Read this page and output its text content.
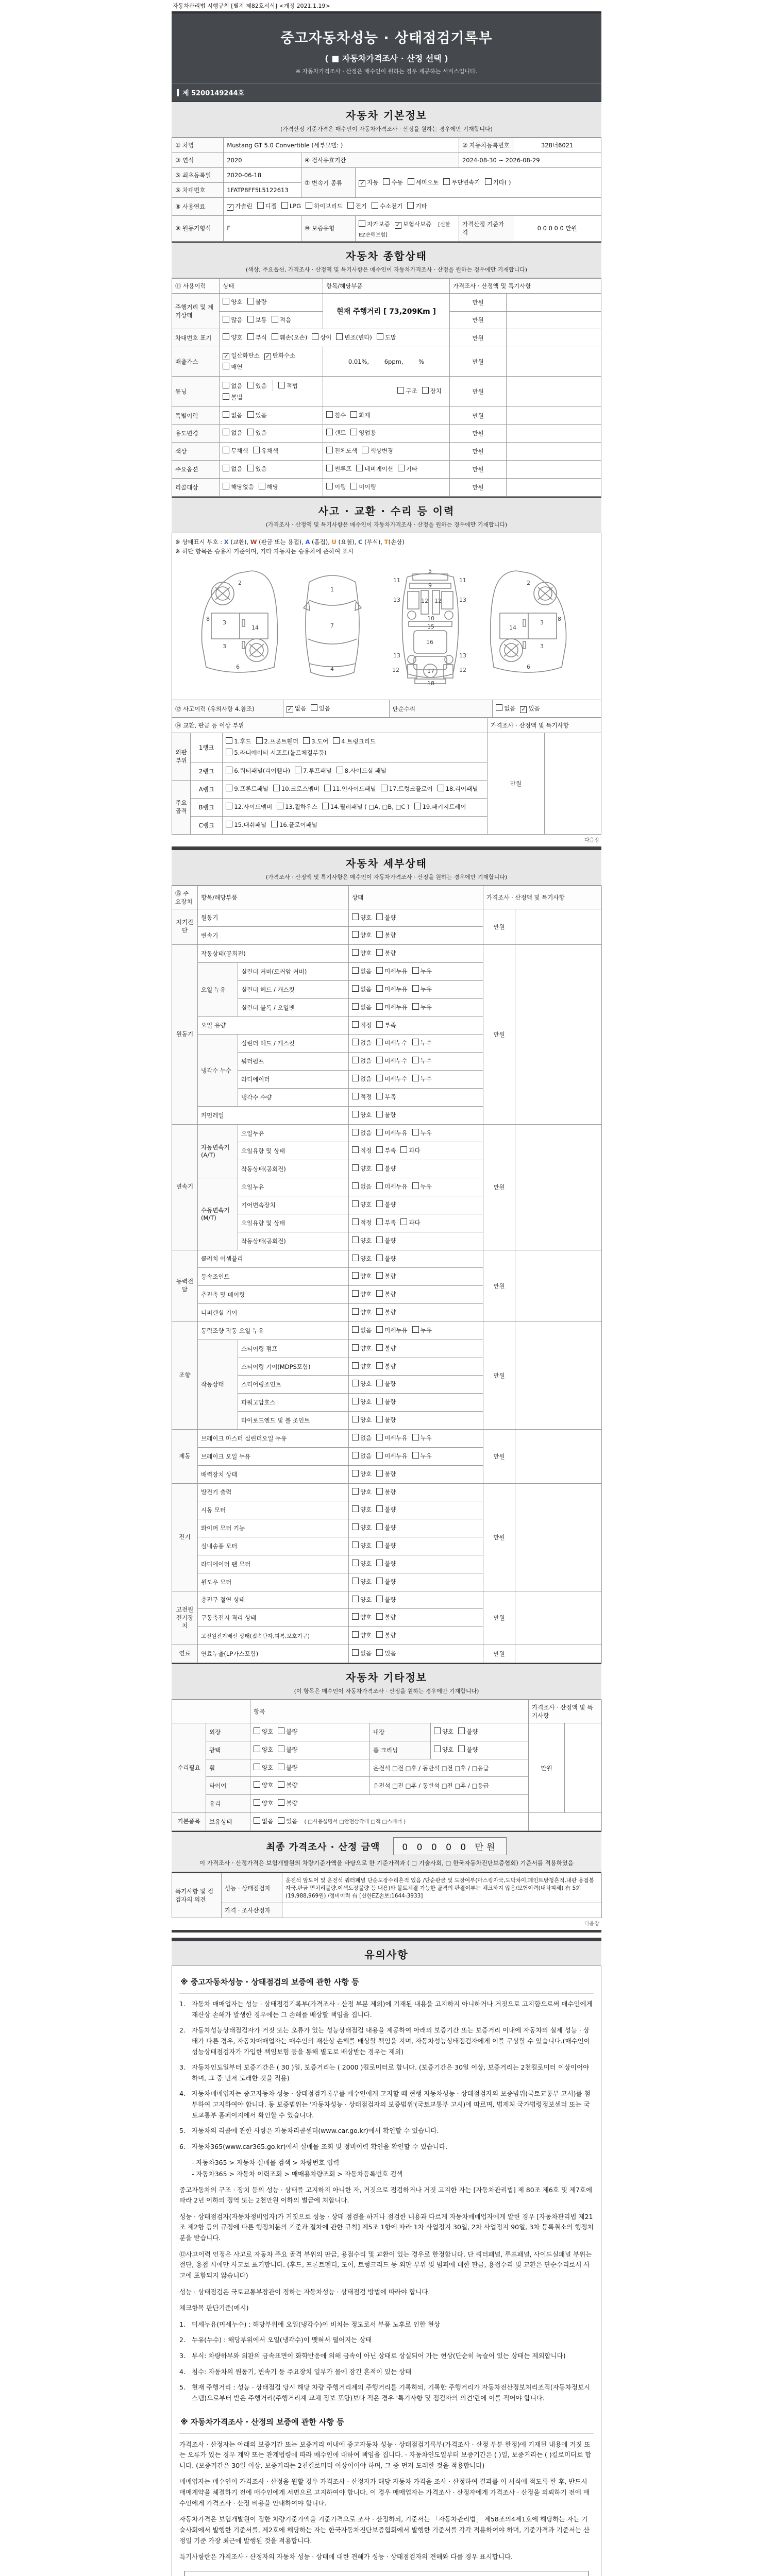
자동차관리법 시행규칙 [별지 제82호서식] <개정 2021.1.19>
중고자동차성능 · 상태점검기록부
( ■ 자동차가격조사 · 산정 선택 )
※ 자동차가격조사 · 산정은 매수인이 원하는 경우 제공하는 서비스입니다.
제 5200149244호
자동차 기본정보
(가격산정 기준가격은 매수인이 자동차가격조사 · 산정을 원하는 경우에만 기재합니다)
① 차명	Mustang GT 5.0 Convertible (세부모델: )			② 자동차등록번호	328너6021
③ 연식	2020	④ 검사유효기간		2024-08-30 ~ 2026-08-29	
⑤ 최초등록일	2020-06-18	⑦ 변속기 종류	✓ 자동 수동 세미오토 무단변속기 기타( )		
⑥ 차대번호	1FATP8FF5L5122613				
⑧ 사용연료	✓ 가솔린 디젤 LPG 하이브리드 전기 수소전기 기타				
⑨ 원동기형식	F	⑩ 보증유형	자가보증 ✓ 보험사보증 [신한EZ손해보험]	가격산정 기준가격	0 0 0 0 0 만원
자동차 종합상태
(색상, 주요옵션, 가격조사 · 산정액 및 특기사항은 매수인이 자동차가격조사 · 산정을 원하는 경우에만 기재합니다)
⑪ 사용이력	상태	항목/해당부품	가격조사 · 산정액 및 특기사항	
주행거리 및 계기상태	양호 불량	현재 주행거리 [ 73,209Km ]	만원	
	많음 보통 적음		만원	
차대번호 표기	양호 부식 훼손(오손) 상이 변조(변타) 도말		만원	
배출가스	✓ 일산화탄소 ✓ 탄화수소매연	0.01%, 6ppm, %	만원	
튜닝	없음 있음 적법불법	구조 장치	만원	
특별이력	없음 있음	침수 화재	만원	
용도변경	없음 있음	렌트 영업용	만원	
색상	무채색 유채색	전체도색 색상변경	만원	
주요옵션	없음 있음	썬루프 네비게이션 기타	만원	
리콜대상	해당없음 해당	이행 미이행	만원	
사고 · 교환 · 수리 등 이력
(가격조사 · 산정액 및 특기사항은 매수인이 자동차가격조사 · 산정을 원하는 경우에만 기재합니다)
※ 상태표시 부호 : X (교환), W (판금 또는 용접), A (흠집), U (요철), C (부식), T(손상)
※ 하단 항목은 승용차 기준이며, 기타 자동차는 승용차에 준하여 표시
2
8
3
14
3
6
1
7
4
5
9
11	11
13	13
12 12
10
15
16
13	13
12	12
17
18
2
8
3
14
3
6
⑫ 사고이력 (유의사항 4.참조)	✓ 없음 있음	단순수리	없음 ✓ 있음
⑭ 교환, 판금 등 이상 부위			가격조사 · 산정액 및 특기사항	
외판부위	1랭크	1.후드 2.프론트휀더 3.도어 4.트렁크리드5.라디에이터 서포트(볼트체결부품)	만원	
	2랭크	6.쿼터패널(리어휀다) 7.루프패널 8.사이드실 패널		
주요골격	A랭크	9.프론트패널 10.크로스멤버 11.인사이드패널 17.트렁크플로어 18.리어패널		
	B랭크	12.사이드멤버 13.휠하우스 14.필러패널 ( □A, □B, □C ) 19.패키지트레이		
	C랭크	15.대쉬패널 16.플로어패널		
다음장
자동차 세부상태
(가격조사 · 산정액 및 특기사항은 매수인이 자동차가격조사 · 산정을 원하는 경우에만 기재합니다)
⑮ 주요장치	항목/해당부품		상태	가격조사 · 산정액 및 특기사항	
자기진단	원동기		양호 불량	만원	
	변속기		양호 불량		
원동기	작동상태(공회전)		양호 불량	만원	
	오일 누유	실린더 커버(로커암 커버)	없음 미세누유 누유		
		실린더 헤드 / 개스킷	없음 미세누유 누유		
		실린더 블록 / 오일팬	없음 미세누유 누유		
	오일 유량		적정 부족		
	냉각수 누수	실린더 헤드 / 개스킷	없음 미세누수 누수		
		워터펌프	없음 미세누수 누수		
		라디에이터	없음 미세누수 누수		
		냉각수 수량	적정 부족		
	커먼레일		양호 불량		
변속기	자동변속기 (A/T)	오일누유	없음 미세누유 누유	만원	
		오일유량 및 상태	적정 부족 과다		
		작동상태(공회전)	양호 불량		
	수동변속기 (M/T)	오일누유	없음 미세누유 누유		
		기어변속장치	양호 불량		
		오일유량 및 상태	적정 부족 과다		
		작동상태(공회전)	양호 불량		
동력전달	클러치 어셈블리		양호 불량	만원	
	등속조인트		양호 불량		
	추진축 및 베어링		양호 불량		
	디퍼렌셜 기어		양호 불량		
조향	동력조향 작동 오일 누유		없음 미세누유 누유	만원	
	작동상태	스티어링 펌프	양호 불량		
		스티어링 기어(MDPS포함)	양호 불량		
		스티어링조인트	양호 불량		
		파워고압호스	양호 불량		
		타이로드엔드 및 볼 조인트	양호 불량		
제동	브레이크 마스터 실린더오일 누유		없음 미세누유 누유	만원	
	브레이크 오일 누유		없음 미세누유 누유		
	배력장치 상태		양호 불량		
전기	발전기 출력		양호 불량	만원	
	시동 모터		양호 불량		
	와이퍼 모터 기능		양호 불량		
	실내송풍 모터		양호 불량		
	라디에이터 팬 모터		양호 불량		
	윈도우 모터		양호 불량		
고전원 전기장치	충전구 절연 상태		양호 불량	만원	
	구동축전지 격리 상태		양호 불량		
	고전원전기배선 상태(접속단자,피복,보호기구)		양호 불량		
연료	연료누출(LP가스포함)		없음 있음	만원	
자동차 기타정보
(이 항목은 매수인이 자동차가격조사 · 산정을 원하는 경우에만 기재합니다)
		항목			가격조사 · 산정액 및 특기사항	
수리필요	외장	양호 불량	내장	양호 불량	만원	
	광택	양호 불량	룸 크리닝	양호 불량		
	휠	양호 불량	운전석 □전 □후 / 동반석 □전 □후 / □응급			
	타이어	양호 불량	운전석 □전 □후 / 동반석 □전 □후 / □응급			
	유리	양호 불량				
기본품목	보유상태	없음 있음 ( □사용설명서 □안전삼각대 □잭 □스패너 )				
최종 가격조사 · 산정 금액	0 0 0 0 0 만원
이 가격조사 · 산정가격은 보험개발원의 차량기준가액을 바탕으로 한 기준가격과 ( □ 기술사회, □ 한국자동차진단보증협회) 기준서를 적용하였음
특기사항 및 점검자의 의견	성능 · 상태점검자	운전석 앞도어 및 운전석 쿼터패널 단순도장수리흔적 있음 /단순판금 및 도장여부(마스킹자국,도막차이,페인트방청흔적,내판 용접봉자국,판금 면처리불량,이색도장불량 등 내용)와 볼트체결 가능한 골격의 판결여부는 체크하지 않음/보험이력(내차피해) 有 5회 (19,988,969원) /정비이력 有 [신한EZ손보:1644-3933]
	가격 · 조사산정자	
다음장
유의사항
※ 중고자동차성능 · 상태점검의 보증에 관한 사항 등
1. 자동차 매매업자는 성능 · 상태점검기록부(가격조사 · 산정 부분 제외)에 기재된 내용을 고지하지 아니하거나 거짓으로 고지함으로써 매수인에게 재산상 손해가 발생한 경우에는 그 손해를 배상할 책임을 집니다.
2. 자동차성능상태점검자가 거짓 또는 오류가 있는 성능상태점검 내용을 제공하여 아래의 보증기간 또는 보증거리 이내에 자동차의 실제 성능 · 상태가 다른 경우, 자동차매매업자는 매수인의 재산상 손해를 배상할 책임을 지며, 자동차성능상태점검자에게 이를 구상할 수 있습니다.(매수인이 성능상태점검자가 가입한 책임보험 등을 통해 별도로 배상받는 경우는 제외)
3. 자동차인도일부터 보증기간은 ( 30 )일, 보증거리는 ( 2000 )킬로미터로 합니다. (보증기간은 30일 이상, 보증거리는 2천킬로미터 이상이어야 하며, 그 중 먼저 도래한 것을 적용)
4. 자동차매매업자는 중고자동차 성능 · 상태점검기록부를 매수인에게 고지할 때 현행 자동차성능 · 상태점검자의 보증범위(국토교통부 고시)를 첨부하여 고지하여야 합니다. 동 보증범위는 '자동차성능 · 상태점검자의 보증범위'(국토교통부 고시)에 따르며, 법제처 국가법령정보센터 또는 국토교통부 홈페이지에서 확인할 수 있습니다.
5. 자동차의 리콜에 관한 사항은 자동차리콜센터(www.car.go.kr)에서 확인할 수 있습니다.
6. 자동차365(www.car365.go.kr)에서 실매물 조회 및 정비이력 확인을 확인할 수 있습니다.
- 자동차365 > 자동차 실매물 검색 > 차량번호 입력
- 자동차365 > 자동차 이력조회 > 매매용차량조회 > 자동차등록번호 검색
중고자동차의 구조 · 장치 등의 성능 · 상태를 고지하지 아니한 자, 거짓으로 점검하거나 거짓 고지한 자는 [자동차관리법] 제 80조 제6호 및 제7호에 따라 2년 이하의 징역 또는 2천만원 이하의 벌금에 처합니다.
성능 · 상태점검자(자동차정비업자)가 거짓으로 성능 · 상태 점검을 하거나 점검한 내용과 다르게 자동차매매업자에게 알린 경우 [자동차관리법 제21조 제2항 등의 규정에 따른 행정처분의 기준과 절차에 관한 규칙] 제5조 1항에 따라 1차 사업정지 30일, 2차 사업정지 90일, 3차 등록취소의 행정처분을 받습니다.
⑫사고이력 인정은 사고로 자동차 주요 골격 부위의 판금, 용접수리 및 교환이 있는 경우로 한정합니다. 단 쿼터패널, 루프패널, 사이드실패널 부위는 절단, 용접 시에만 사고로 표기합니다. (후드, 프론트펜더, 도어, 트렁크리드 등 외판 부위 및 범퍼에 대한 판금, 용접수리 및 교환은 단순수리로서 사고에 포함되지 않습니다)
성능 · 상태점검은 국토교통부장관이 정하는 자동차성능 · 상태점검 방법에 따라야 합니다.
체크항목 판단기준(예시)
1. 미세누유(미세누수) : 해당부위에 오일(냉각수)이 비치는 정도로서 부품 노후로 인한 현상
2. 누유(누수) : 해당부위에서 오일(냉각수)이 맺혀서 떨어지는 상태
3. 부식: 차량하부와 외판의 금속표면이 화학반응에 의해 금속이 아닌 상태로 상실되어 가는 현상(단순히 녹슬어 있는 상태는 제외합니다)
4. 침수: 자동차의 원동기, 변속기 등 주요장치 일부가 물에 잠긴 흔적이 있는 상태
5. 현재 주행거리 : 성능 · 상태점검 당시 해당 차량 주행거리계의 주행거리를 기록하되, 기록한 주행거리가 자동차전산정보처리조직(자동차정보시스템)으로부터 받은 주행거리(주행거리계 교체 정보 포함)보다 적은 경우 '특기사항 및 점검자의 의견'란에 이를 적어야 합니다.
※ 자동차가격조사 · 산정의 보증에 관한 사항 등
가격조사 · 산정자는 아래의 보증기간 또는 보증거리 이내에 중고자동차 성능 · 상태점검기록부(가격조사 · 산정 부분 한정)에 기재된 내용에 거짓 또는 오류가 있는 경우 계약 또는 관계법령에 따라 매수인에 대하여 책임을 집니다. · 자동차인도일부터 보증기간은 ( )일, 보증거리는 ( )킬로미터로 합니다. (보증기간은 30일 이상, 보증거리는 2천킬로미터 이상이어야 하며, 그 중 먼저 도래한 것을 적용합니다)
매매업자는 매수인이 가격조사 · 산정을 원할 경우 가격조사 · 산정자가 해당 자동차 가격을 조사 · 산정하여 결과를 이 서식에 적도록 한 후, 반드시 매매계약을 체결하기 전에 매수인에게 서면으로 고지하여야 합니다. 이 경우 매매업자는 가격조사 · 산정자에게 가격조사 · 산정을 의뢰하기 전에 매수인에게 가격조사 · 산정 비용을 안내하여야 합니다.
자동차가격은 보험개발원이 정한 차량기준가액을 기준가격으로 조사 · 산정하되, 기준서는 「자동차관리법」 제58조의4제1호에 해당하는 자는 기술사회에서 발행한 기준서를, 제2호에 해당하는 자는 한국자동차진단보증협회에서 발행한 기준서를 각각 적용하여야 하며, 기준가격과 기준서는 산정일 기준 가장 최근에 발행된 것을 적용합니다.
특기사항란은 가격조사 · 산정자의 자동차 성능 · 상태에 대한 견해가 성능 · 상태점검자의 견해와 다를 경우 표시합니다.
